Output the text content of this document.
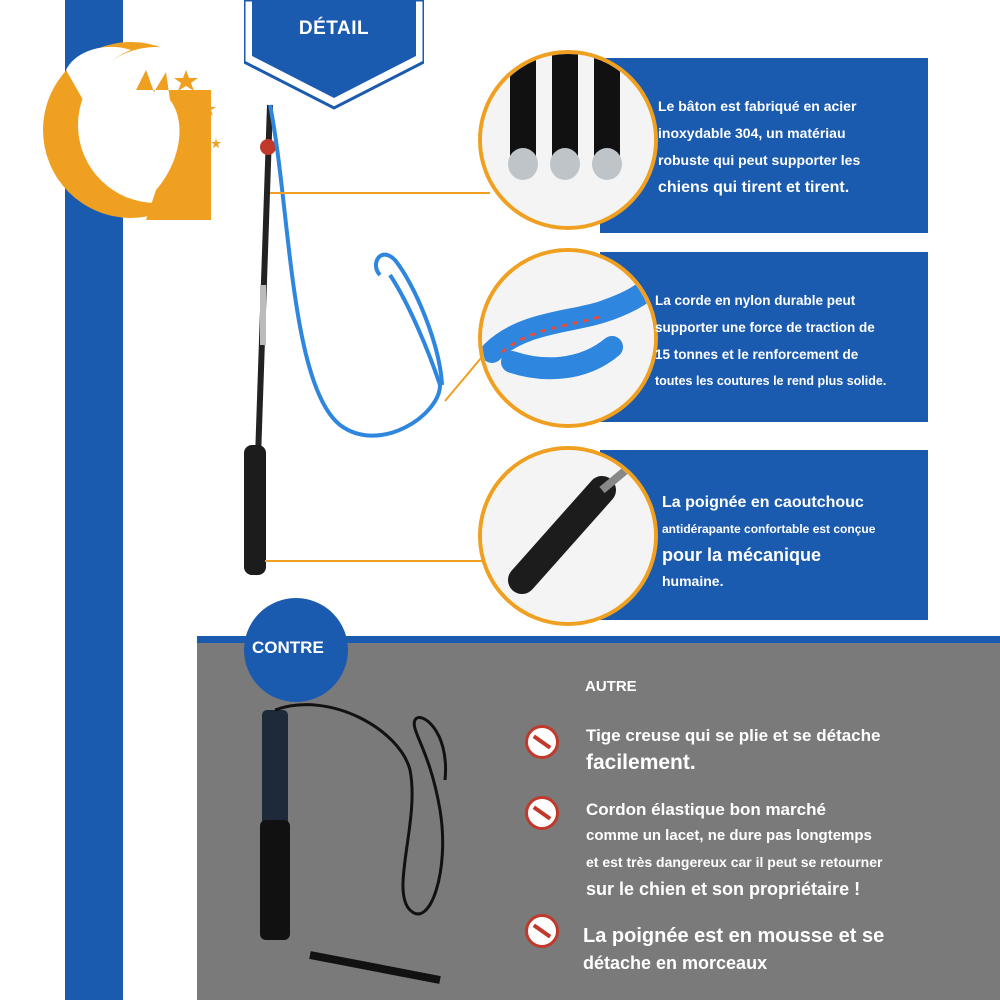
DÉTAIL
Le bâton est fabriqué en acier
inoxydable 304, un matériau
robuste qui peut supporter les
chiens qui tirent et tirent.
La corde en nylon durable peut
supporter une force de traction de
15 tonnes et le renforcement de
toutes les coutures le rend plus solide.
La poignée en caoutchouc
antidérapante confortable est conçue
pour la mécanique
humaine.
CONTRE
AUTRE
Tige creuse qui se plie et se détache
facilement.
Cordon élastique bon marché
comme un lacet, ne dure pas longtemps
et est très dangereux car il peut se retourner
sur le chien et son propriétaire !
La poignée est en mousse et se
détache en morceaux
